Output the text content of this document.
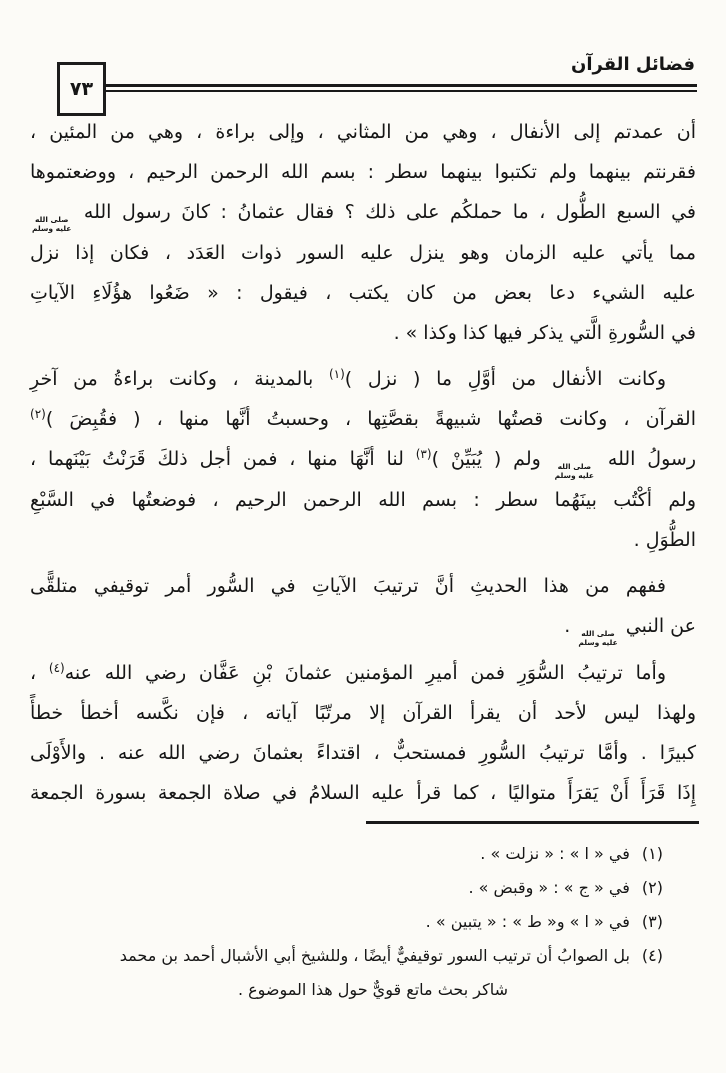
٧٣
فضائل القرآن
أن عمدتم إلى الأنفال ، وهي من المثاني ، وإلى براءة ، وهي من المئين ،
فقرنتم بينهما ولم تكتبوا بينهما سطر : بسم الله الرحمن الرحيم ، ووضعتموها
في السبع الطُّول ، ما حملكُم على ذلك ؟ فقال عثمانُ : كانَ رسول الله
صلى الله
عليه وسلم
مما يأتي عليه الزمان وهو ينزل عليه السور ذوات العَدَد ، فكان إذا نزل
عليه الشيء دعا بعض من كان يكتب ، فيقول : « ضَعُوا هؤُلَاءِ الآياتِ
في السُّورةِ الَّتي يذكر فيها كذا وكذا » .
وكانت الأنفال من أوَّلِ ما ( نزل )$^{(١)}$ بالمدينة ، وكانت براءةُ من آخرِ
القرآن ، وكانت قصتُها شبيهةً بقصَّتِها ، وحسبتُ أنَّها منها ، ( فقُبِضَ )$^{(٢)}$
رسولُ الله
صلى الله
عليه وسلم
ولم ( يُبَيِّنْ )$^{(٣)}$ لنا أنَّهَا منها ، فمن أجل ذلكَ قَرَنْتُ بَيْنَهما ،
ولم أكْتُب بينَهُما سطر : بسم الله الرحمن الرحيم ، فوضعتُها في السَّبْعِ
الطُّوَلِ .
ففهم من هذا الحديثِ أنَّ ترتيبَ الآياتِ في السُّور أمر توقيفي متلقًّى
عن النبي
صلى الله
عليه وسلم
.
وأما ترتيبُ السُّوَرِ فمن أميرِ المؤمنين عثمانَ بْنِ عَفَّان رضي الله عنه$^{(٤)}$ ،
ولهذا ليس لأحد أن يقرأ القرآن إلا مرتّبًا آياته ، فإن نكَّسه أخطأ خطأً
كبيرًا . وأمَّا ترتيبُ السُّورِ فمستحبٌّ ، اقتداءً بعثمانَ رضي الله عنه . والأَوْلَى
إِذَا قَرَأَ أَنْ يَقرَأَ متواليًا ، كما قرأ عليه السلامُ في صلاة الجمعة بسورة الجمعة
(١)في « ا » : « نزلت » .
(٢)في « ج » : « وقبض » .
(٣)في « ا » و« ط » : « يتبين » .
(٤)بل الصوابُ أن ترتيب السور توقيفيٌّ أيضًا ، وللشيخ أبي الأشبال أحمد بن محمد
شاكر بحث ماتع قويٌّ حول هذا الموضوع .
